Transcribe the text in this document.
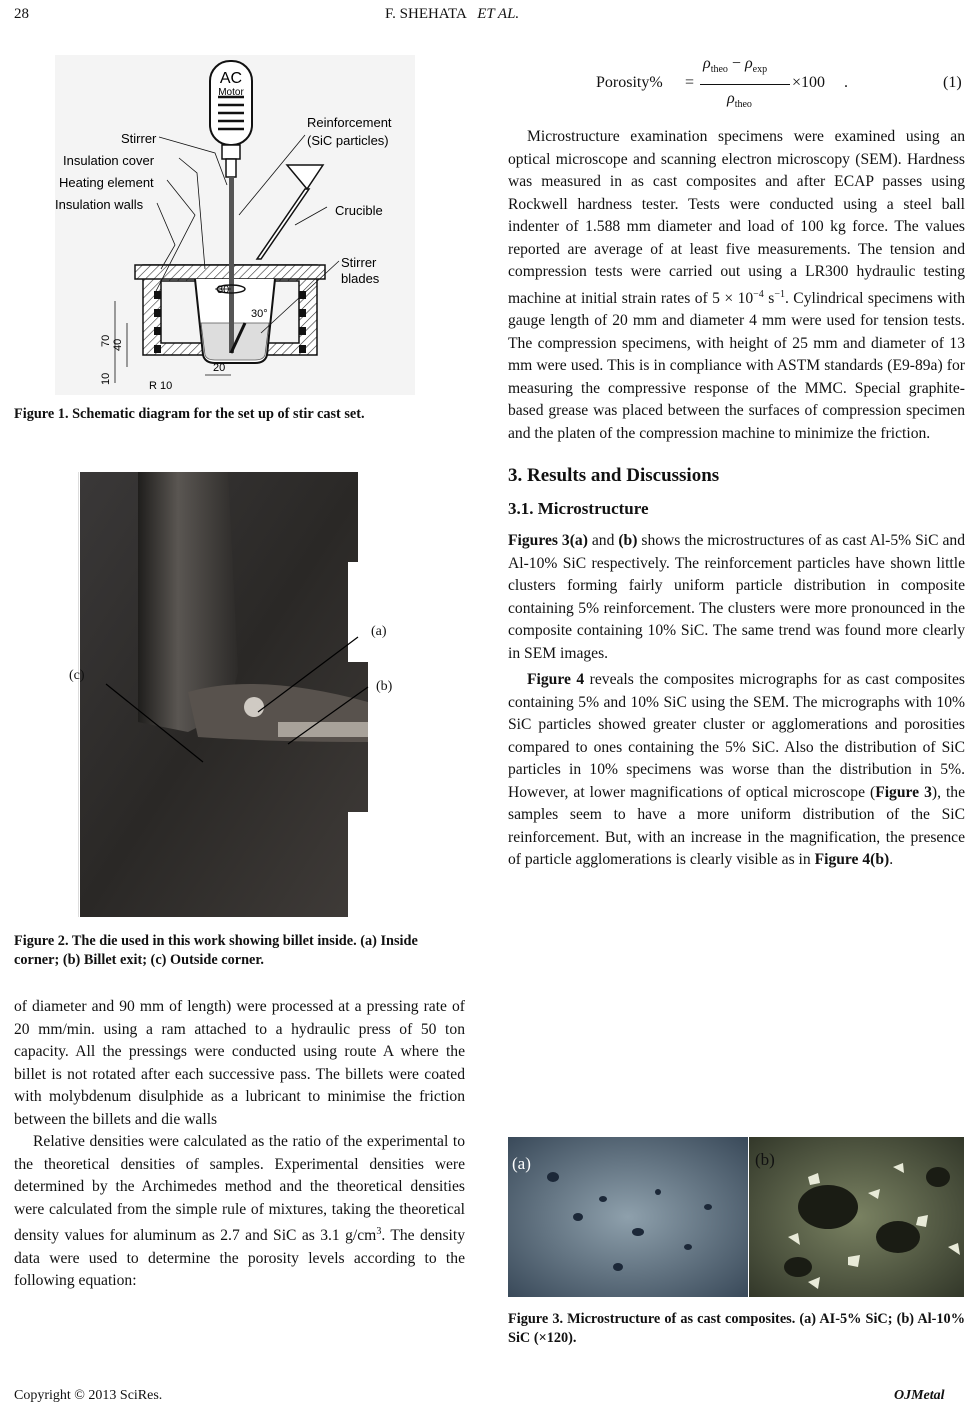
28	F. SHEHATA ET AL.
AC
Motor
Stirrer
Insulation cover
Heating element
Insulation walls
Reinforcement
(SiC particles)
Crucible
Stirrer
blades
30
30°
70 40
10
20
R 10
Figure 1. Schematic diagram for the set up of stir cast set.
(a)
(b)
(c)
Figure 2. The die used in this work showing billet inside. (a) Inside corner; (b) Billet exit; (c) Outside corner.

of diameter and 90 mm of length) were processed at a pressing rate of 20 mm/min. using a ram attached to a hydraulic press of 50 ton capacity. All the pressings were conducted using route A where the billet is not rotated after each successive pass. The billets were coated with molybdenum disulphide as a lubricant to minimise the friction between the billets and die walls

Relative densities were calculated as the ratio of the experimental to the theoretical densities of samples. Experimental densities were determined by the Archimedes method and the theoretical densities were calculated from the simple rule of mixtures, taking the theoretical density values for aluminum as 2.7 and SiC as 3.1 $g/cm^3$. The density data were used to determine the porosity levels according to the following equation:

Porosity% =
$\rho_{theo} - \rho_{exp}$
$\rho_{theo}$
×100 .	(1)

Microstructure examination specimens were examined using an optical microscope and scanning electron microscopy (SEM). Hardness was measured in as cast composites and after ECAP passes using Rockwell hardness tester. Tests were conducted using a steel ball indenter of 1.588 mm diameter and load of 100 kg force. The values reported are average of at least five measurements. The tension and compression tests were carried out using a LR300 hydraulic testing machine at initial strain rates of $5 \times 10^{-4}$ $s^{-1}$. Cylindrical specimens with gauge length of 20 mm and diameter 4 mm were used for tension tests. The compression specimens, with height of 25 mm and diameter of 13 mm were used. This is in compliance with ASTM standards (E9-89a) for measuring the compressive response of the MMC. Special graphite-based grease was placed between the surfaces of compression specimen and the platen of the compression machine to minimize the friction.

3. Results and Discussions
3.1. Microstructure

Figures 3(a) and (b) shows the microstructures of as cast Al-5% SiC and Al-10% SiC respectively. The reinforcement particles have shown little clusters forming fairly uniform particle distribution in composite containing 5% reinforcement. The clusters were more pronounced in the composite containing 10% SiC. The same trend was found more clearly in SEM images.

Figure 4 reveals the composites micrographs for as cast composites containing 5% and 10% SiC using the SEM. The micrographs with 10% SiC particles showed greater cluster or agglomerations and porosities compared to ones containing the 5% SiC. Also the distribution of SiC particles in 10% specimens was worse than the distribution in 5%. However, at lower magnifications of optical microscope (Figure 3), the samples seem to have a more uniform distribution of the SiC reinforcement. But, with an increase in the magnification, the presence of particle agglomerations is clearly visible as in Figure 4(b).

(a)	(b)
Figure 3. Microstructure of as cast composites. (a) AI-5% SiC; (b) Al-10% SiC (×120).
Copyright © 2013 SciRes.	OJMetal
